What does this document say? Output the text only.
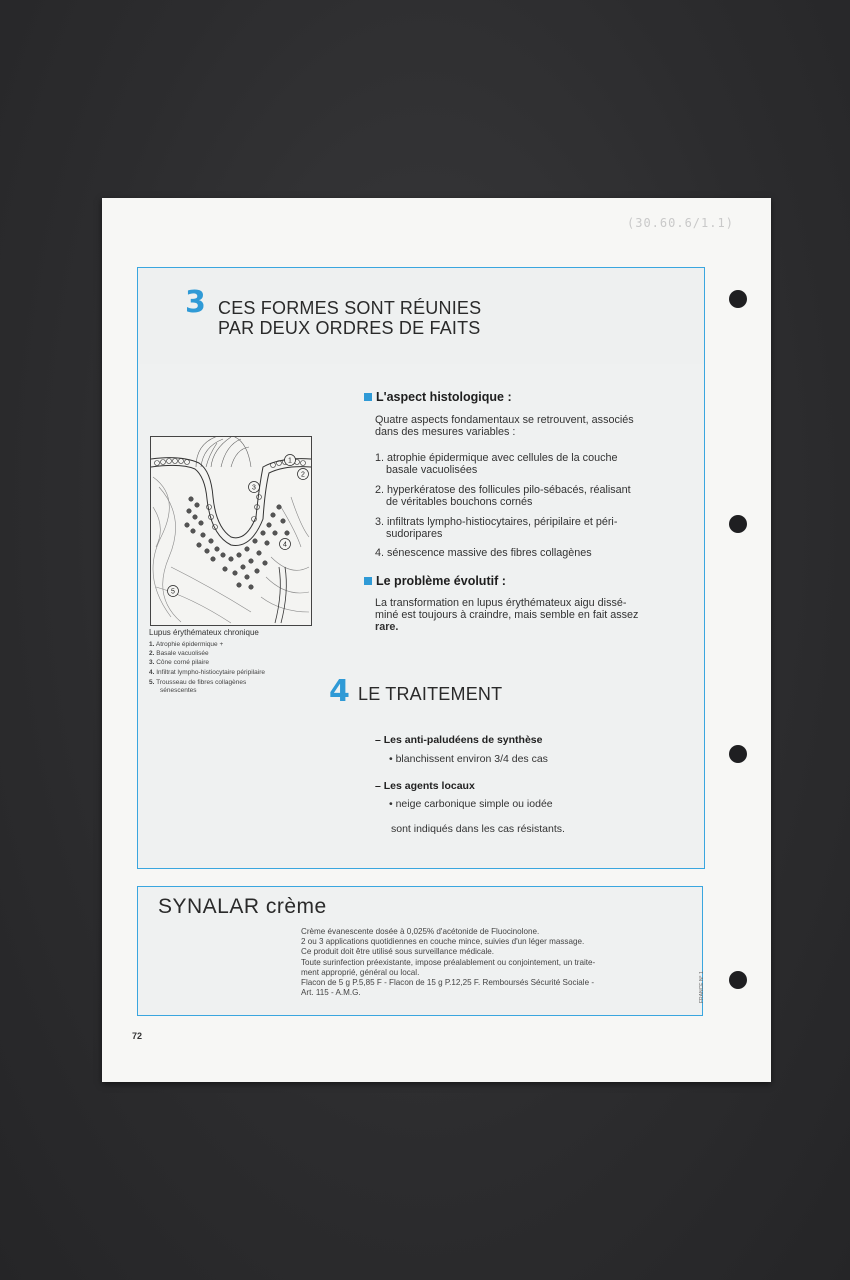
(30.60.6/1.1)
3 CES FORMES SONT RÉUNIES
PAR DEUX ORDRES DE FAITS
L'aspect histologique :
Quatre aspects fondamentaux se retrouvent, associés
dans des mesures variables :
1. atrophie épidermique avec cellules de la couche
basale vacuolisées
2. hyperkératose des follicules pilo-sébacés, réalisant
de véritables bouchons cornés
3. infiltrats lympho-histiocytaires, péripilaire et péri-
sudoripares
4. sénescence massive des fibres collagènes
Le problème évolutif :
La transformation en lupus érythémateux aigu dissé-
miné est toujours à craindre, mais semble en fait assez
rare.
1
2
3
4
5
Lupus érythémateux chronique
1. Atrophie épidermique +
2. Basale vacuolisée
3. Cône corné pilaire
4. Infiltrat lympho-histiocytaire péripilaire
5. Trousseau de fibres collagènes
sénescentes	4 LE TRAITEMENT
– Les anti-paludéens de synthèse
• blanchissent environ 3/4 des cas
– Les agents locaux
• neige carbonique simple ou iodée
sont indiqués dans les cas résistants.
SYNALAR crème
Crème évanescente dosée à 0,025% d'acétonide de Fluocinolone.
2 ou 3 applications quotidiennes en couche mince, suivies d'un léger massage.
Ce produit doit être utilisé sous surveillance médicale.
Toute surinfection préexistante, impose préalablement ou conjointement, un traite-
ment approprié, général ou local.
Flacon de 5 g P.5,85 F - Flacon de 15 g P.12,25 F. Remboursés Sécurité Sociale -
Art. 115 - A.M.G.	FRANCE N° 1
72
